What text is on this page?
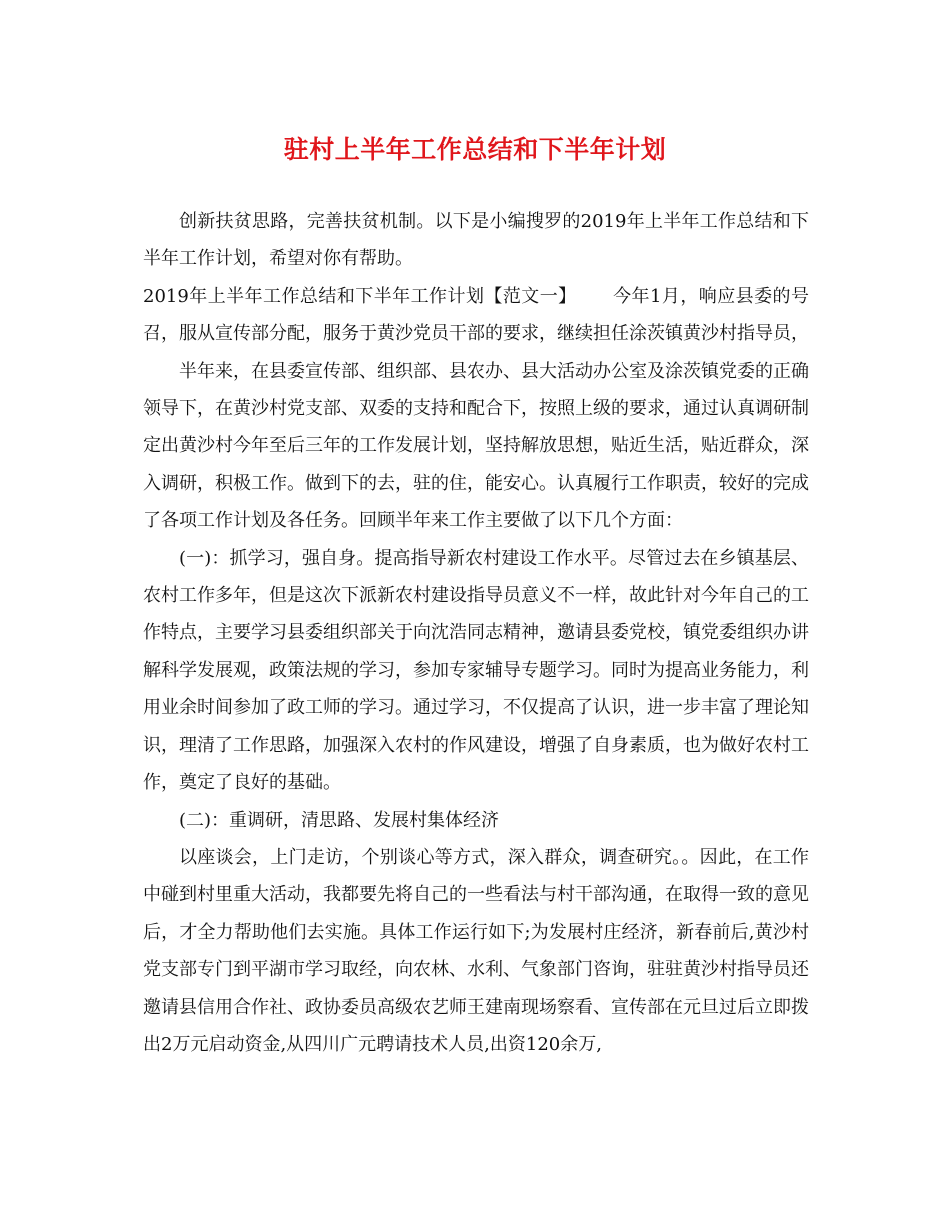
驻村上半年工作总结和下半年计划

创新扶贫思路，完善扶贫机制。以下是小编搜罗的2019年上半年工作总结和下半年工作计划，希望对你有帮助。

2019年上半年工作总结和下半年工作计划【范文一】 今年1月，响应县委的号召，服从宣传部分配，服务于黄沙党员干部的要求，继续担任涂茨镇黄沙村指导员，

半年来，在县委宣传部、组织部、县农办、县大活动办公室及涂茨镇党委的正确领导下，在黄沙村党支部、双委的支持和配合下，按照上级的要求，通过认真调研制定出黄沙村今年至后三年的工作发展计划，坚持解放思想，贴近生活，贴近群众，深入调研，积极工作。做到下的去，驻的住，能安心。认真履行工作职责，较好的完成了各项工作计划及各任务。回顾半年来工作主要做了以下几个方面：

(一)：抓学习，强自身。提高指导新农村建设工作水平。尽管过去在乡镇基层、农村工作多年，但是这次下派新农村建设指导员意义不一样，故此针对今年自己的工作特点，主要学习县委组织部关于向沈浩同志精神，邀请县委党校，镇党委组织办讲解科学发展观，政策法规的学习，参加专家辅导专题学习。同时为提高业务能力，利用业余时间参加了政工师的学习。通过学习，不仅提高了认识，进一步丰富了理论知识，理清了工作思路，加强深入农村的作风建设，增强了自身素质，也为做好农村工作，奠定了良好的基础。

(二)：重调研，清思路、发展村集体经济

以座谈会，上门走访，个别谈心等方式，深入群众，调查研究。。因此，在工作中碰到村里重大活动，我都要先将自己的一些看法与村干部沟通，在取得一致的意见后，才全力帮助他们去实施。具体工作运行如下;为发展村庄经济，新春前后,黄沙村党支部专门到平湖市学习取经，向农林、水利、气象部门咨询，驻驻黄沙村指导员还邀请县信用合作社、政协委员高级农艺师王建南现场察看、宣传部在元旦过后立即拨出2万元启动资金,从四川广元聘请技术人员,出资120余万,
